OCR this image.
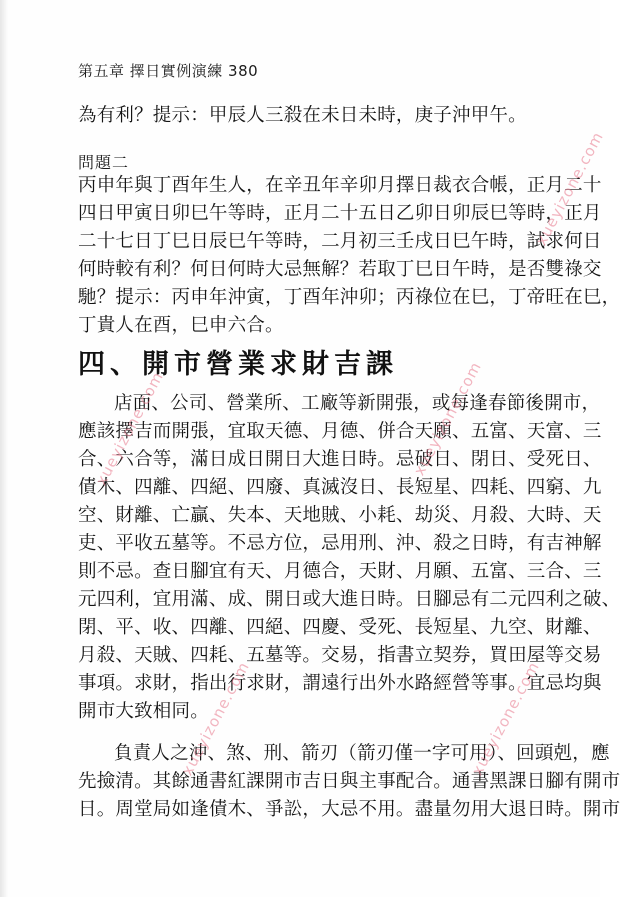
第五章 擇日實例演練 380
為有利？提示：甲辰人三殺在未日未時，庚子沖甲午。
問題二
丙申年與丁酉年生人，在辛丑年辛卯月擇日裁衣合帳，正月二十
四日甲寅日卯巳午等時，正月二十五日乙卯日卯辰巳等時，正月
二十七日丁巳日辰巳午等時，二月初三壬戌日巳午時，試求何日
何時較有利？何日何時大忌無解？若取丁巳日午時，是否雙祿交
馳？提示：丙申年沖寅，丁酉年沖卯；丙祿位在巳，丁帝旺在巳，
丁貴人在酉，巳申六合。
四、開市營業求財吉課
店面、公司、營業所、工廠等新開張，或每逢春節後開市，
應該擇吉而開張，宜取天德、月德、併合天願、五富、天富、三
合、六合等，滿日成日開日大進日時。忌破日、閉日、受死日、
債木、四離、四絕、四廢、真滅沒日、長短星、四耗、四窮、九
空、財離、亡贏、失本、天地賊、小耗、劫災、月殺、大時、天
吏、平收五墓等。不忌方位，忌用刑、沖、殺之日時，有吉神解
則不忌。查日腳宜有天、月德合，天財、月願、五富、三合、三
元四利，宜用滿、成、開日或大進日時。日腳忌有二元四利之破、
閉、平、收、四離、四絕、四慶、受死、長短星、九空、財離、
月殺、天賊、四耗、五墓等。交易，指書立契券，買田屋等交易
事項。求財，指出行求財，謂遠行出外水路經營等事。宜忌均與
開市大致相同。
負責人之沖、煞、刑、箭刃（箭刃僅一字可用）、回頭剋，應
先撿清。其餘通書紅課開市吉日與主事配合。通書黑課日腳有開市
日。周堂局如逢債木、爭訟，大忌不用。盡量勿用大退日時。開市
xueyizone.com
xueyizone.com	xueyizone.com
xueyizone.com	xueyizone.com
